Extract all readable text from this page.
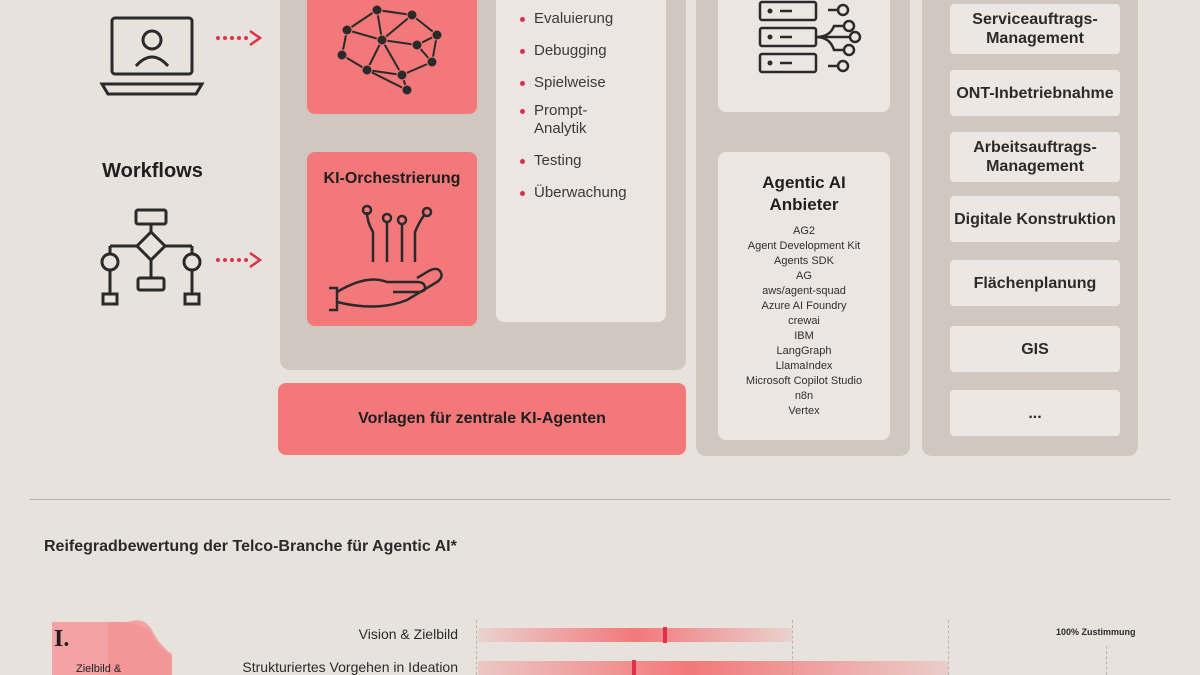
Workflows	KI-Orchestrierung
Evaluierung
Debugging
Spielweise
Prompt-
Analytik
Testing
Überwachung
Vorlagen für zentrale KI-Agenten
Agentic AI Anbieter
AG2
Agent Development Kit
Agents SDK
AG
aws/agent-squad
Azure AI Foundry
crewai
IBM
LangGraph
LlamaIndex
Microsoft Copilot Studio
n8n
Vertex
Serviceauftrags-
Management
ONT-Inbetriebnahme
Arbeitsauftrags-
Management
Digitale Konstruktion
Flächenplanung
GIS
...
Reifegradbewertung der Telco-Branche für Agentic AI*
I.
Zielbild &
100% Zustimmung
Vision & Zielbild
Strukturiertes Vorgehen in Ideation
